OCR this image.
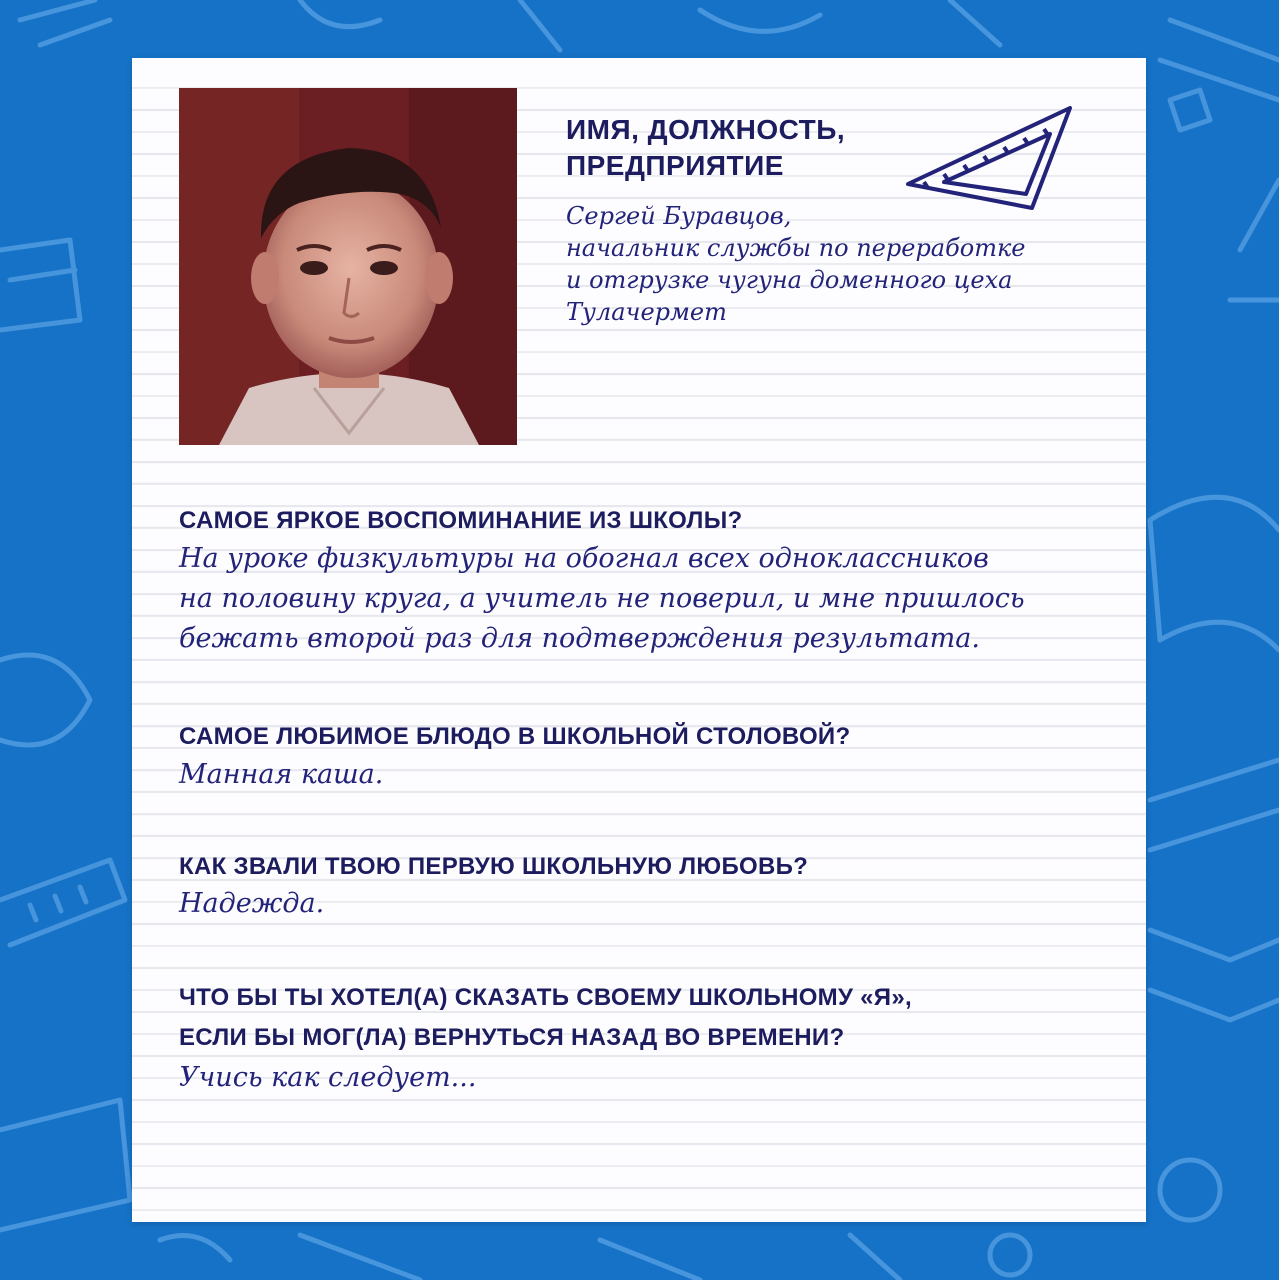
ИМЯ, ДОЛЖНОСТЬ,
ПРЕДПРИЯТИЕ
Сергей Буравцов,
начальник службы по переработке
и отгрузке чугуна доменного цеха
Тулачермет
САМОЕ ЯРКОЕ ВОСПОМИНАНИЕ ИЗ ШКОЛЫ?
На уроке физкультуры на обогнал всех одноклассников
на половину круга, а учитель не поверил, и мне пришлось
бежать второй раз для подтверждения результата.
САМОЕ ЛЮБИМОЕ БЛЮДО В ШКОЛЬНОЙ СТОЛОВОЙ?
Манная каша.
КАК ЗВАЛИ ТВОЮ ПЕРВУЮ ШКОЛЬНУЮ ЛЮБОВЬ?
Надежда.
ЧТО БЫ ТЫ ХОТЕЛ(А) СКАЗАТЬ СВОЕМУ ШКОЛЬНОМУ «Я»,
ЕСЛИ БЫ МОГ(ЛА) ВЕРНУТЬСЯ НАЗАД ВО ВРЕМЕНИ?
Учись как следует...
